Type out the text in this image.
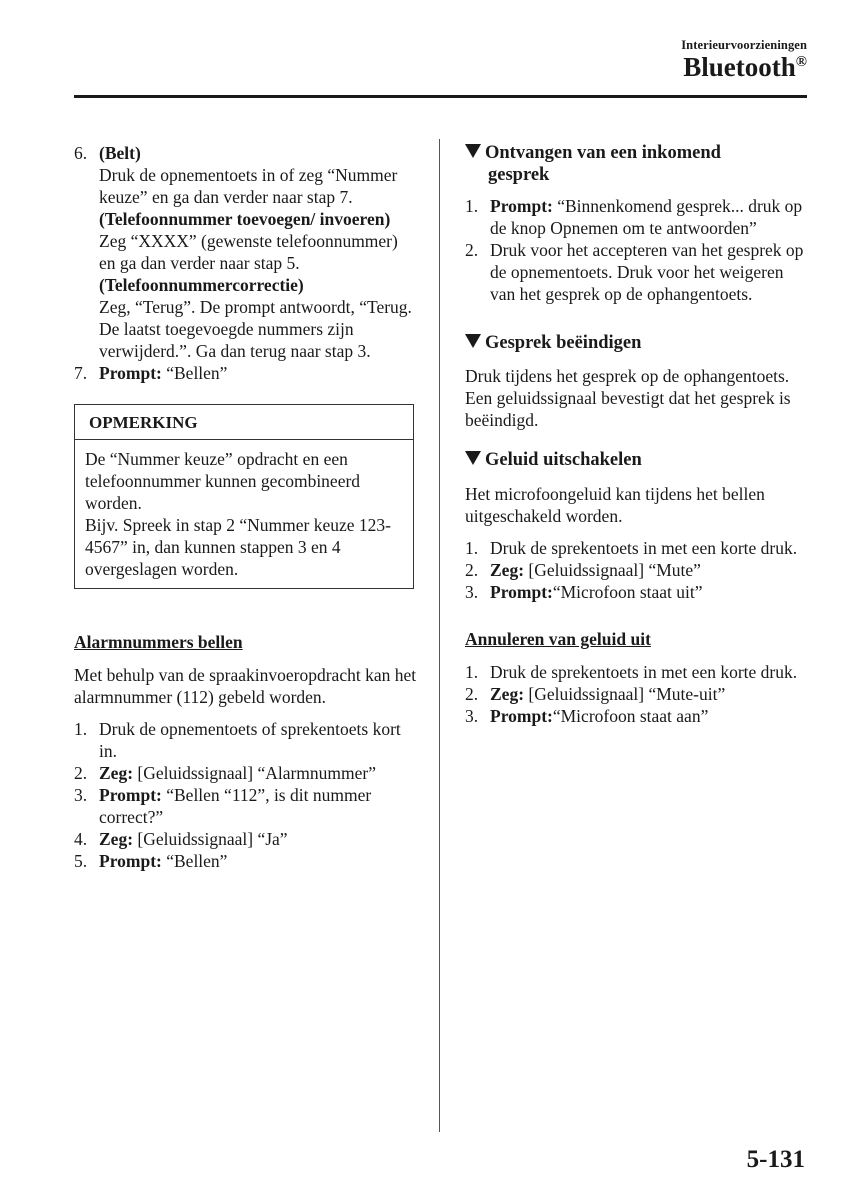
Interieurvoorzieningen
Bluetooth®
6. (Belt)
Druk de opnementoets in of zeg “Nummer keuze” en ga dan verder naar stap 7.
(Telefoonnummer toevoegen/ invoeren)
Zeg “XXXX” (gewenste telefoonnummer) en ga dan verder naar stap 5.
(Telefoonnummercorrectie)
Zeg, “Terug”. De prompt antwoordt, “Terug. De laatst toegevoegde nummers zijn verwijderd.”. Ga dan terug naar stap 3.
7. Prompt: “Bellen”
OPMERKING
De “Nummer keuze” opdracht en een telefoonnummer kunnen gecombineerd worden.
Bijv. Spreek in stap 2 “Nummer keuze 123-4567” in, dan kunnen stappen 3 en 4 overgeslagen worden.
Alarmnummers bellen

Met behulp van de spraakinvoeropdracht kan het alarmnummer (112) gebeld worden.

1. Druk de opnementoets of sprekentoets kort in.
2. Zeg: [Geluidssignaal] “Alarmnummer”
3. Prompt: “Bellen “112”, is dit nummer correct?”
4. Zeg: [Geluidssignaal] “Ja”
5. Prompt: “Bellen”
Ontvangen van een inkomend
gesprek
1. Prompt: “Binnenkomend gesprek... druk op de knop Opnemen om te antwoorden”
2. Druk voor het accepteren van het gesprek op de opnementoets. Druk voor het weigeren van het gesprek op de ophangentoets.
Gesprek beëindigen

Druk tijdens het gesprek op de ophangentoets. Een geluidssignaal bevestigt dat het gesprek is beëindigd.

Geluid uitschakelen

Het microfoongeluid kan tijdens het bellen uitgeschakeld worden.

1. Druk de sprekentoets in met een korte druk.
2. Zeg: [Geluidssignaal] “Mute”
3. Prompt:“Microfoon staat uit”
Annuleren van geluid uit
1. Druk de sprekentoets in met een korte druk.
2. Zeg: [Geluidssignaal] “Mute-uit”
3. Prompt:“Microfoon staat aan”
5-131
